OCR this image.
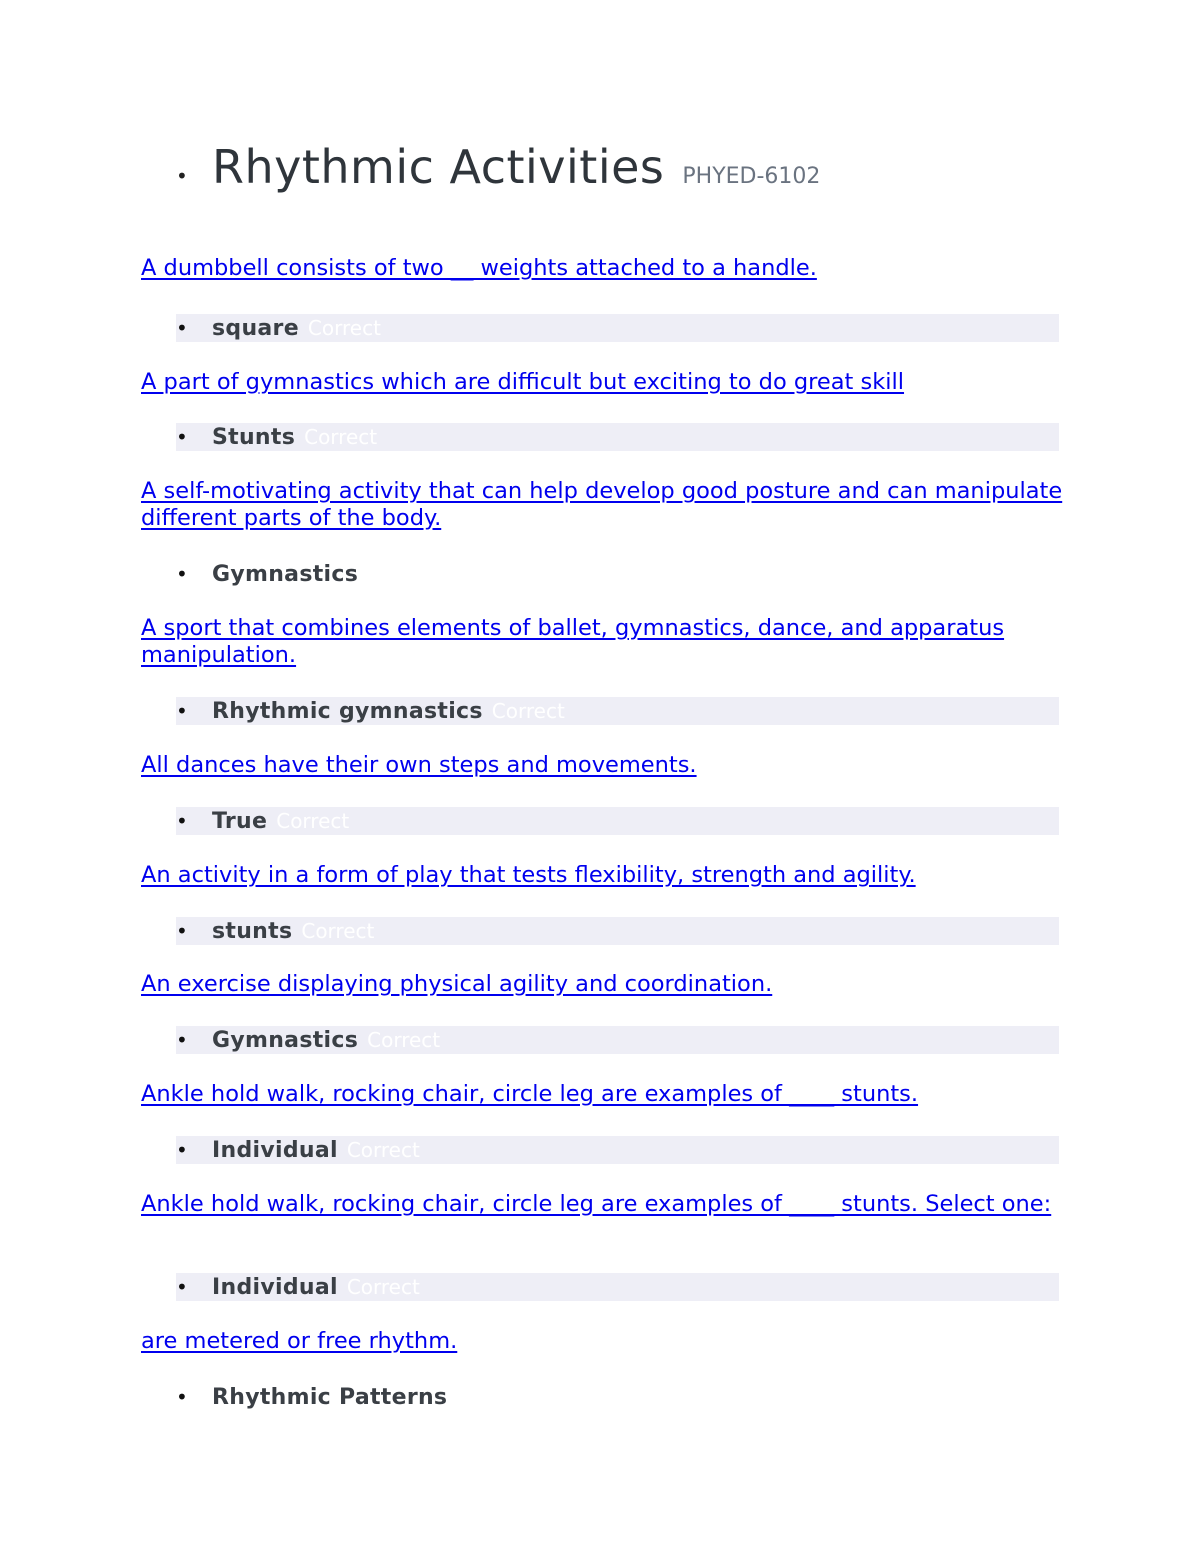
• Rhythmic Activities PHYED-6102
A dumbbell consists of two __ weights attached to a handle.
•	square Correct
A part of gymnastics which are difficult but exciting to do great skill
•	Stunts Correct
A self-motivating activity that can help develop good posture and can manipulate different parts of the body.
•	Gymnastics
A sport that combines elements of ballet, gymnastics, dance, and apparatus manipulation.
•	Rhythmic gymnastics Correct
All dances have their own steps and movements.
•	True Correct
An activity in a form of play that tests flexibility, strength and agility.
•	stunts Correct
An exercise displaying physical agility and coordination.
•	Gymnastics Correct
Ankle hold walk, rocking chair, circle leg are examples of ____ stunts.
•	Individual Correct
Ankle hold walk, rocking chair, circle leg are examples of ____ stunts. Select one:
•	Individual Correct
are metered or free rhythm.
•	Rhythmic Patterns
